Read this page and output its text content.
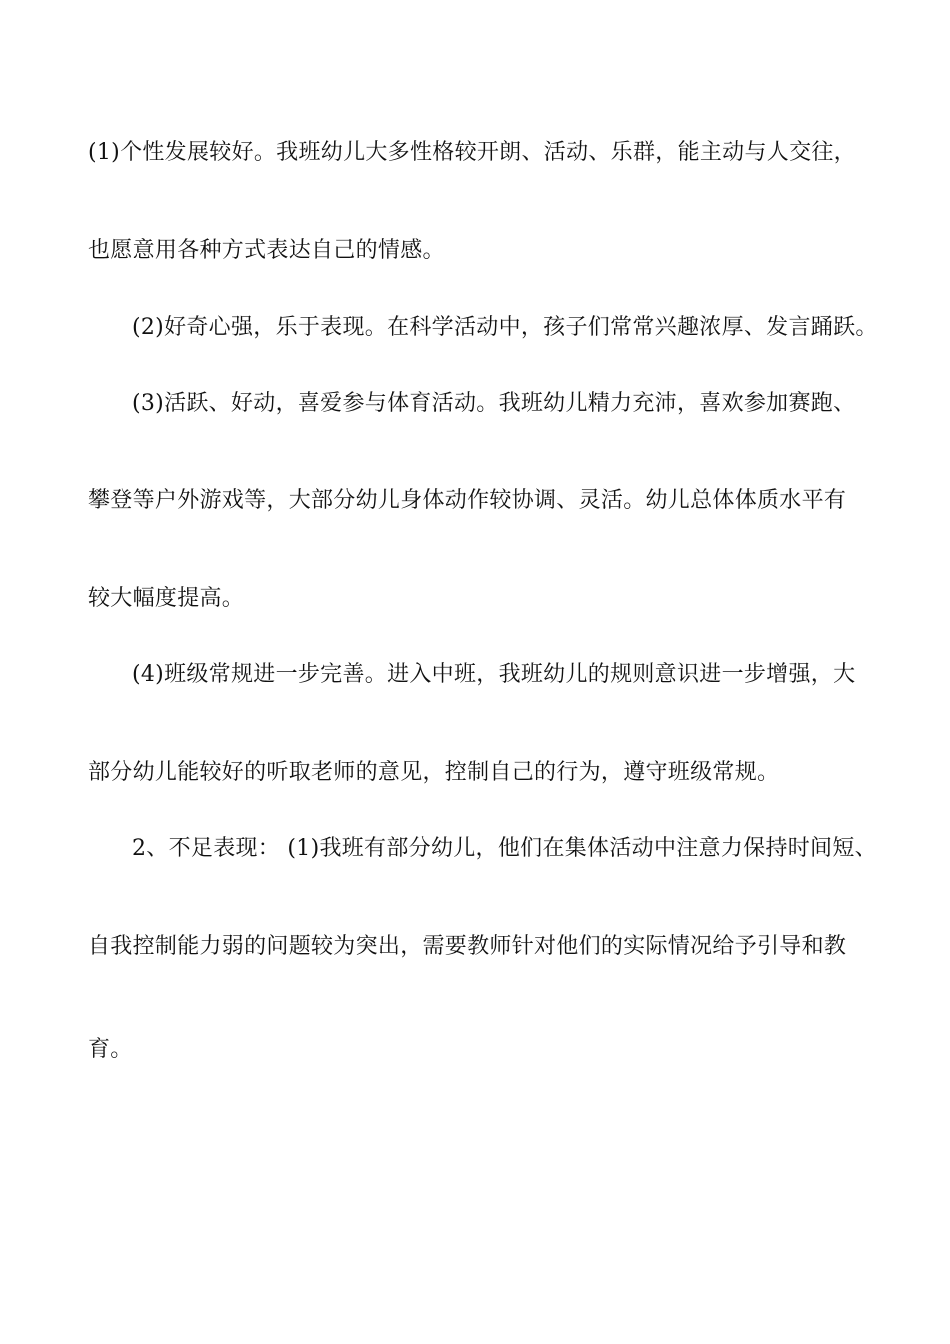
(1)个性发展较好。我班幼儿大多性格较开朗、活动、乐群，能主动与人交往，
也愿意用各种方式表达自己的情感。
(2)好奇心强，乐于表现。在科学活动中，孩子们常常兴趣浓厚、发言踊跃。
(3)活跃、好动，喜爱参与体育活动。我班幼儿精力充沛，喜欢参加赛跑、
攀登等户外游戏等，大部分幼儿身体动作较协调、灵活。幼儿总体体质水平有
较大幅度提高。
(4)班级常规进一步完善。进入中班，我班幼儿的规则意识进一步增强，大
部分幼儿能较好的听取老师的意见，控制自己的行为，遵守班级常规。
2、不足表现： (1)我班有部分幼儿，他们在集体活动中注意力保持时间短、
自我控制能力弱的问题较为突出，需要教师针对他们的实际情况给予引导和教
育。
